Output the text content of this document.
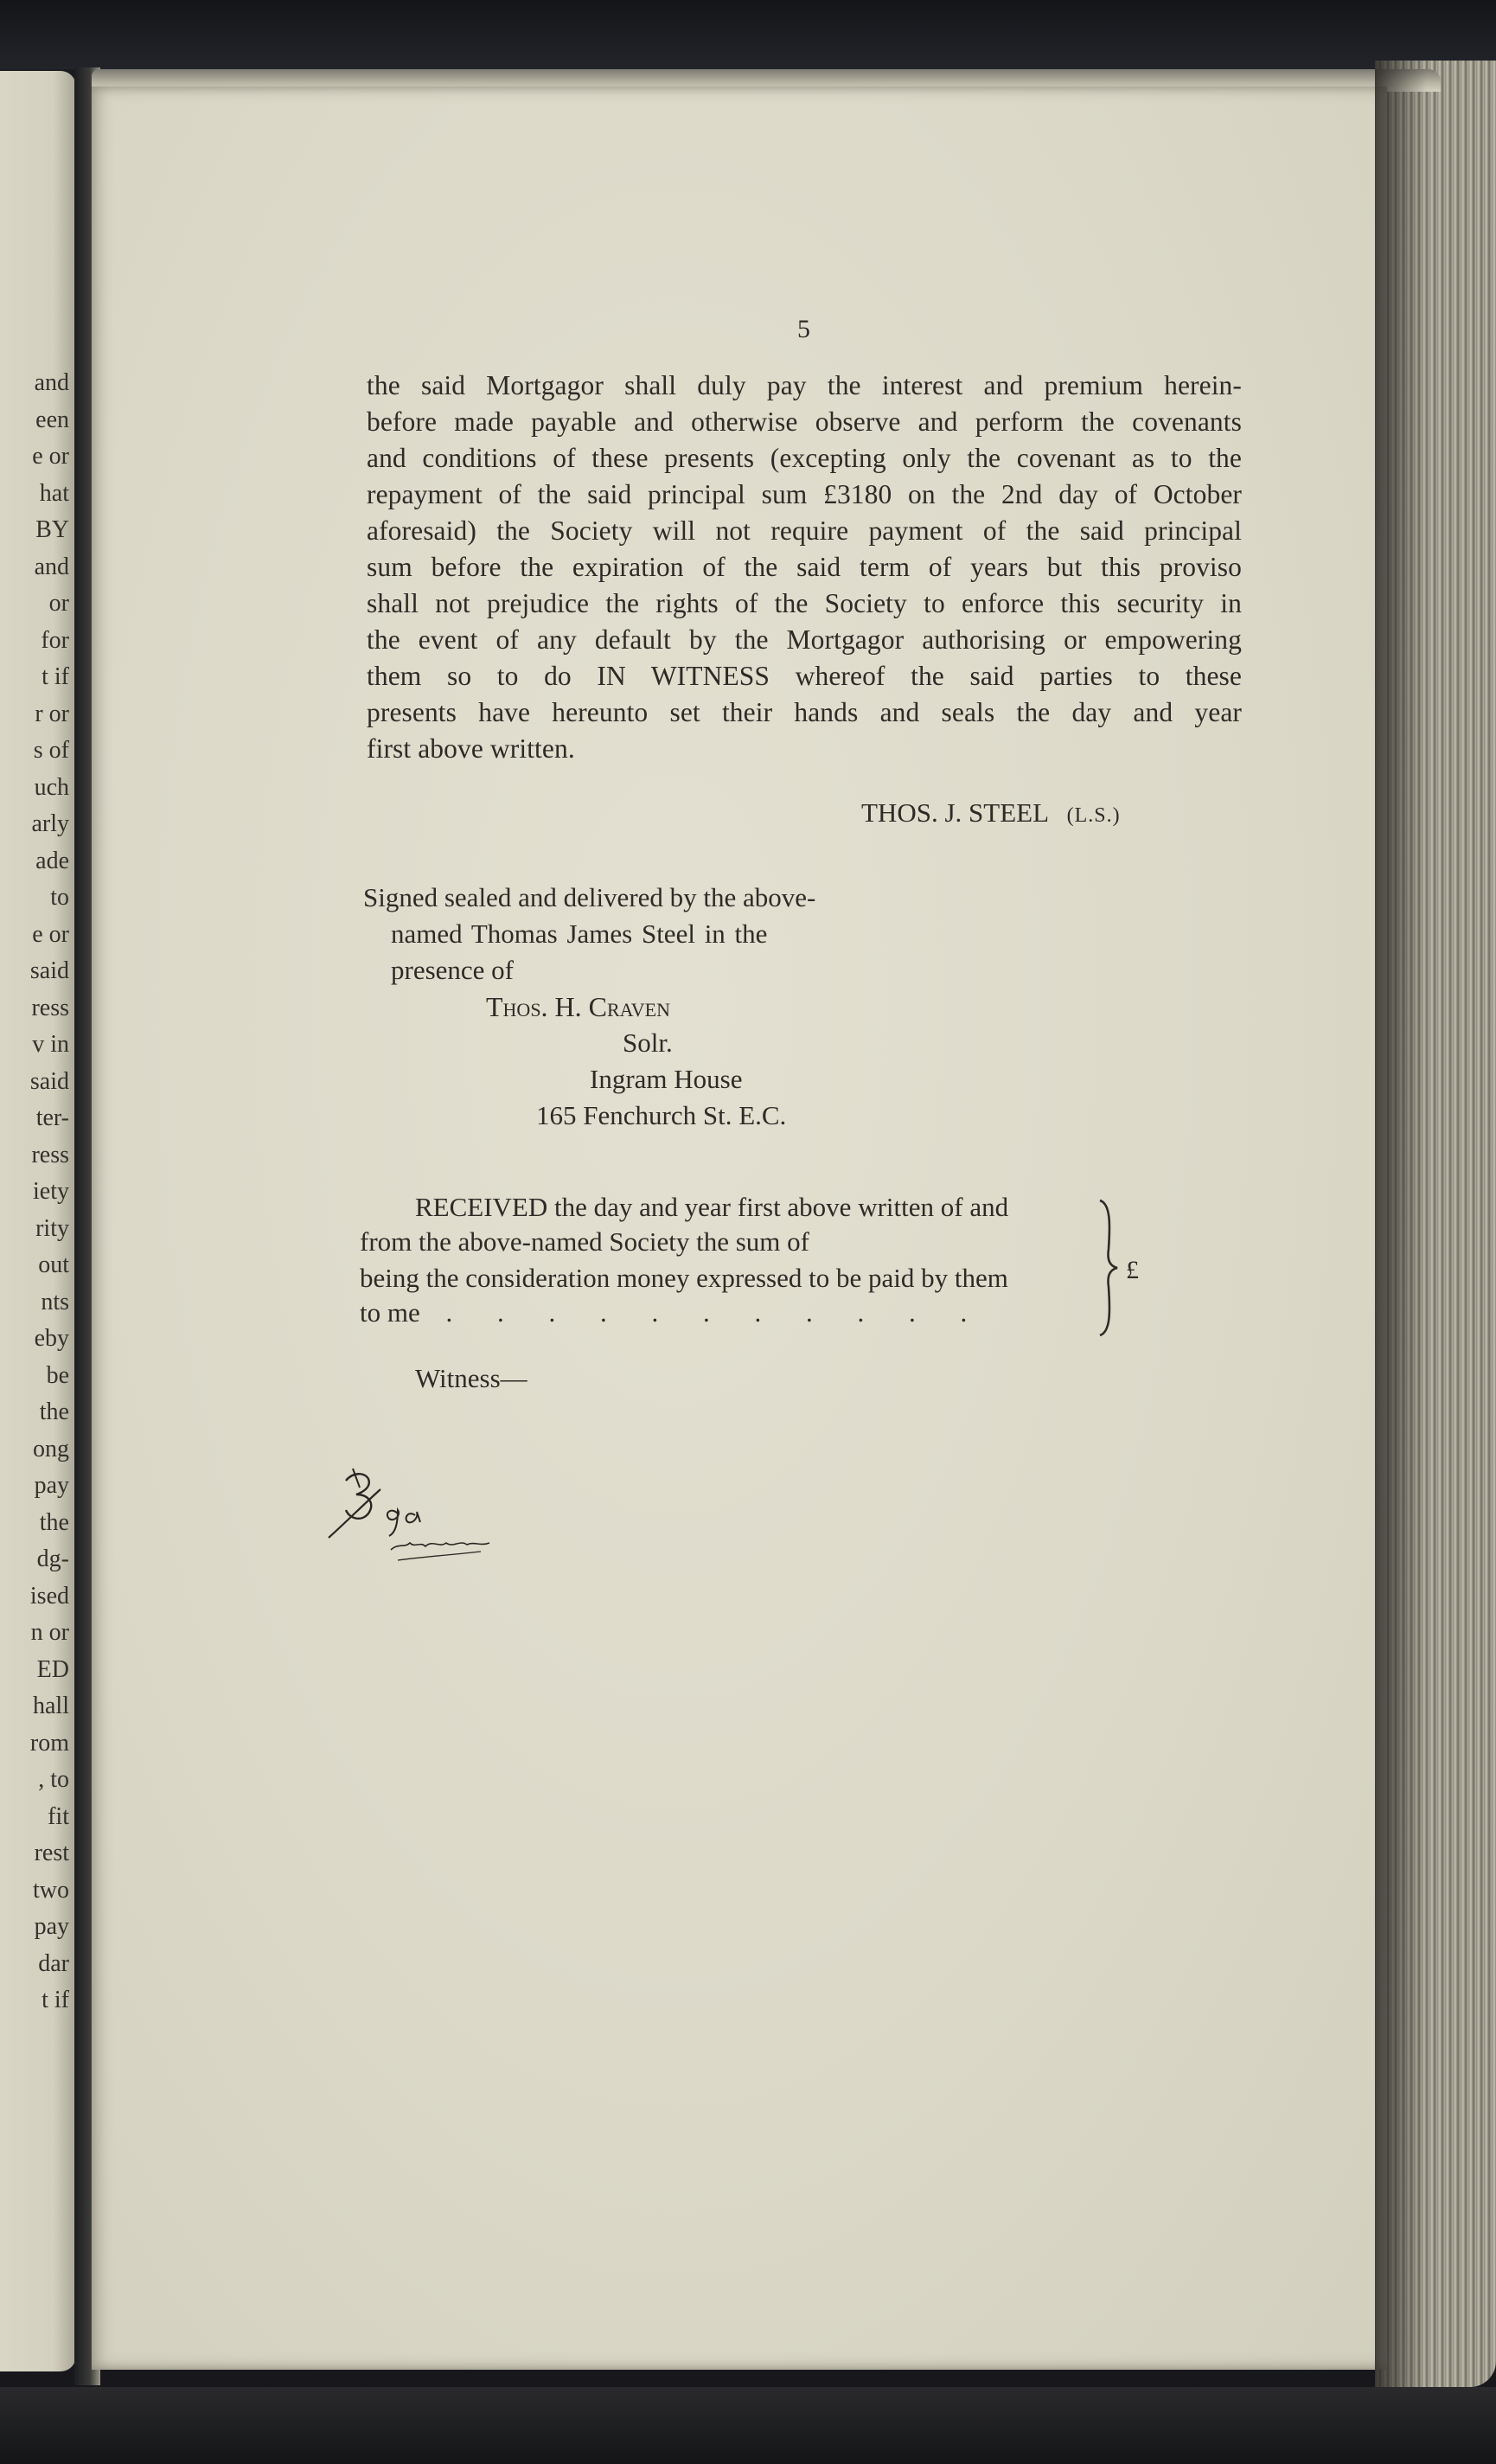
and
een
e or
hat
BY
and
or
for
t if
r or
s of
uch
arly
ade
to
e or
said
ress
v in
said
ter-
ress
iety
rity
out
nts
eby
be
the
ong
pay
the
dg-
ised
n or
ED
hall
rom
, to
fit
rest
two
pay
dar
t if
5
the said Mortgagor shall duly pay the interest and premium herein-
before made payable and otherwise observe and perform the covenants
and conditions of these presents (excepting only the covenant as to the
repayment of the said principal sum £3180 on the 2nd day of October
aforesaid) the Society will not require payment of the said principal
sum before the expiration of the said term of years but this proviso
shall not prejudice the rights of the Society to enforce this security in
the event of any default by the Mortgagor authorising or empowering
them so to do IN WITNESS whereof the said parties to these
presents have hereunto set their hands and seals the day and year
first above written.
THOS. J. STEEL (L.S.)
Signed sealed and delivered by the above-
named Thomas James Steel in the
presence of
Thos. H. Craven
Solr.
Ingram House
165 Fenchurch St. E.C.
RECEIVED the day and year first above written of and
from the above-named Society the sum of
being the consideration money expressed to be paid by them
to me . . . . . . . . . . .
£
Witness—
